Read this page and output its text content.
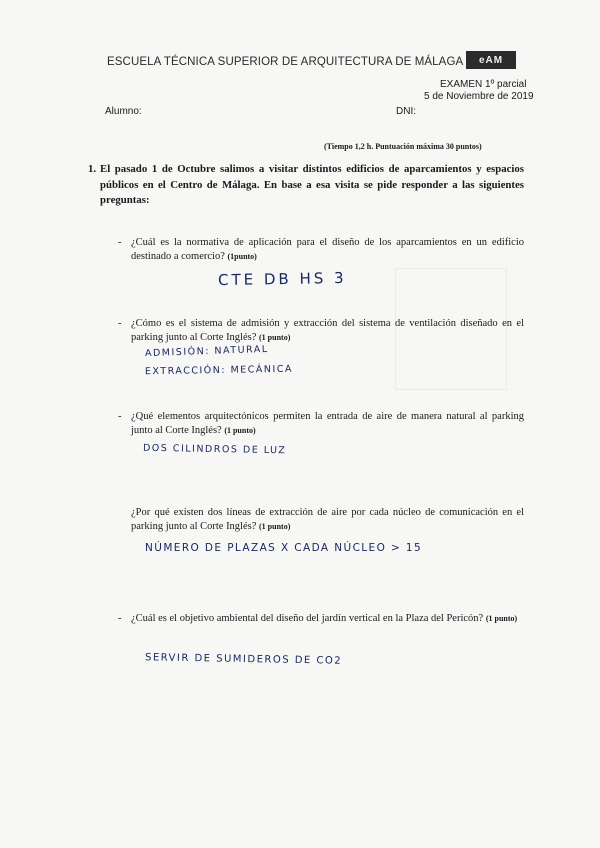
ESCUELA TÉCNICA SUPERIOR DE ARQUITECTURA DE MÁLAGA	eAM
EXAMEN 1º parcial
5 de Noviembre de 2019
Alumno:	DNI:
(Tiempo 1,2 h. Puntuación máxima 30 puntos)
1. El pasado 1 de Octubre salimos a visitar distintos edificios de aparcamientos y espacios públicos en el Centro de Málaga. En base a esa visita se pide responder a las siguientes preguntas:
- ¿Cuál es la normativa de aplicación para el diseño de los aparcamientos en un edificio destinado a comercio? (1punto)
CTE DB HS 3
- ¿Cómo es el sistema de admisión y extracción del sistema de ventilación diseñado en el parking junto al Corte Inglés? (1 punto)
ADMISIÓN: NATURAL
EXTRACCIÓN: MECÁNICA
- ¿Qué elementos arquitectónicos permiten la entrada de aire de manera natural al parking junto al Corte Inglés? (1 punto)
DOS CILINDROS DE LUZ
¿Por qué existen dos líneas de extracción de aire por cada núcleo de comunicación en el parking junto al Corte Inglés? (1 punto)
NÚMERO DE PLAZAS X CADA NÚCLEO > 15
- ¿Cuál es el objetivo ambiental del diseño del jardín vertical en la Plaza del Pericón? (1 punto)
SERVIR DE SUMIDEROS DE CO2
